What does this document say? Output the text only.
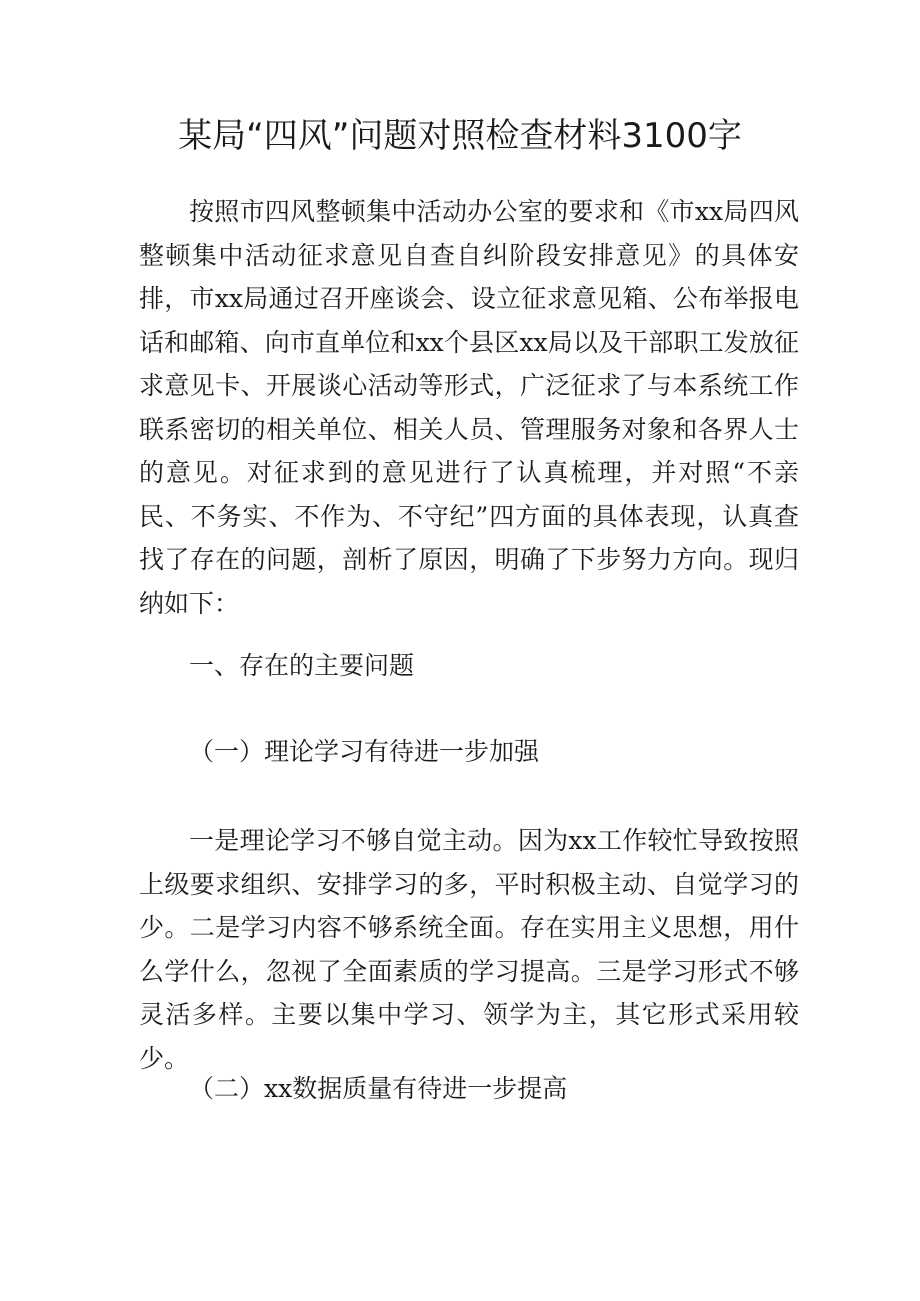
某局“四风”问题对照检查材料3100字

按照市四风整顿集中活动办公室的要求和《市xx局四风整顿集中活动征求意见自查自纠阶段安排意见》的具体安排，市xx局通过召开座谈会、设立征求意见箱、公布举报电话和邮箱、向市直单位和xx个县区xx局以及干部职工发放征求意见卡、开展谈心活动等形式，广泛征求了与本系统工作联系密切的相关单位、相关人员、管理服务对象和各界人士的意见。对征求到的意见进行了认真梳理，并对照“不亲民、不务实、不作为、不守纪”四方面的具体表现，认真查找了存在的问题，剖析了原因，明确了下步努力方向。现归纳如下：

一、存在的主要问题

（一）理论学习有待进一步加强

一是理论学习不够自觉主动。因为xx工作较忙导致按照上级要求组织、安排学习的多，平时积极主动、自觉学习的少。二是学习内容不够系统全面。存在实用主义思想，用什么学什么，忽视了全面素质的学习提高。三是学习形式不够灵活多样。主要以集中学习、领学为主，其它形式采用较少。

（二）xx数据质量有待进一步提高
